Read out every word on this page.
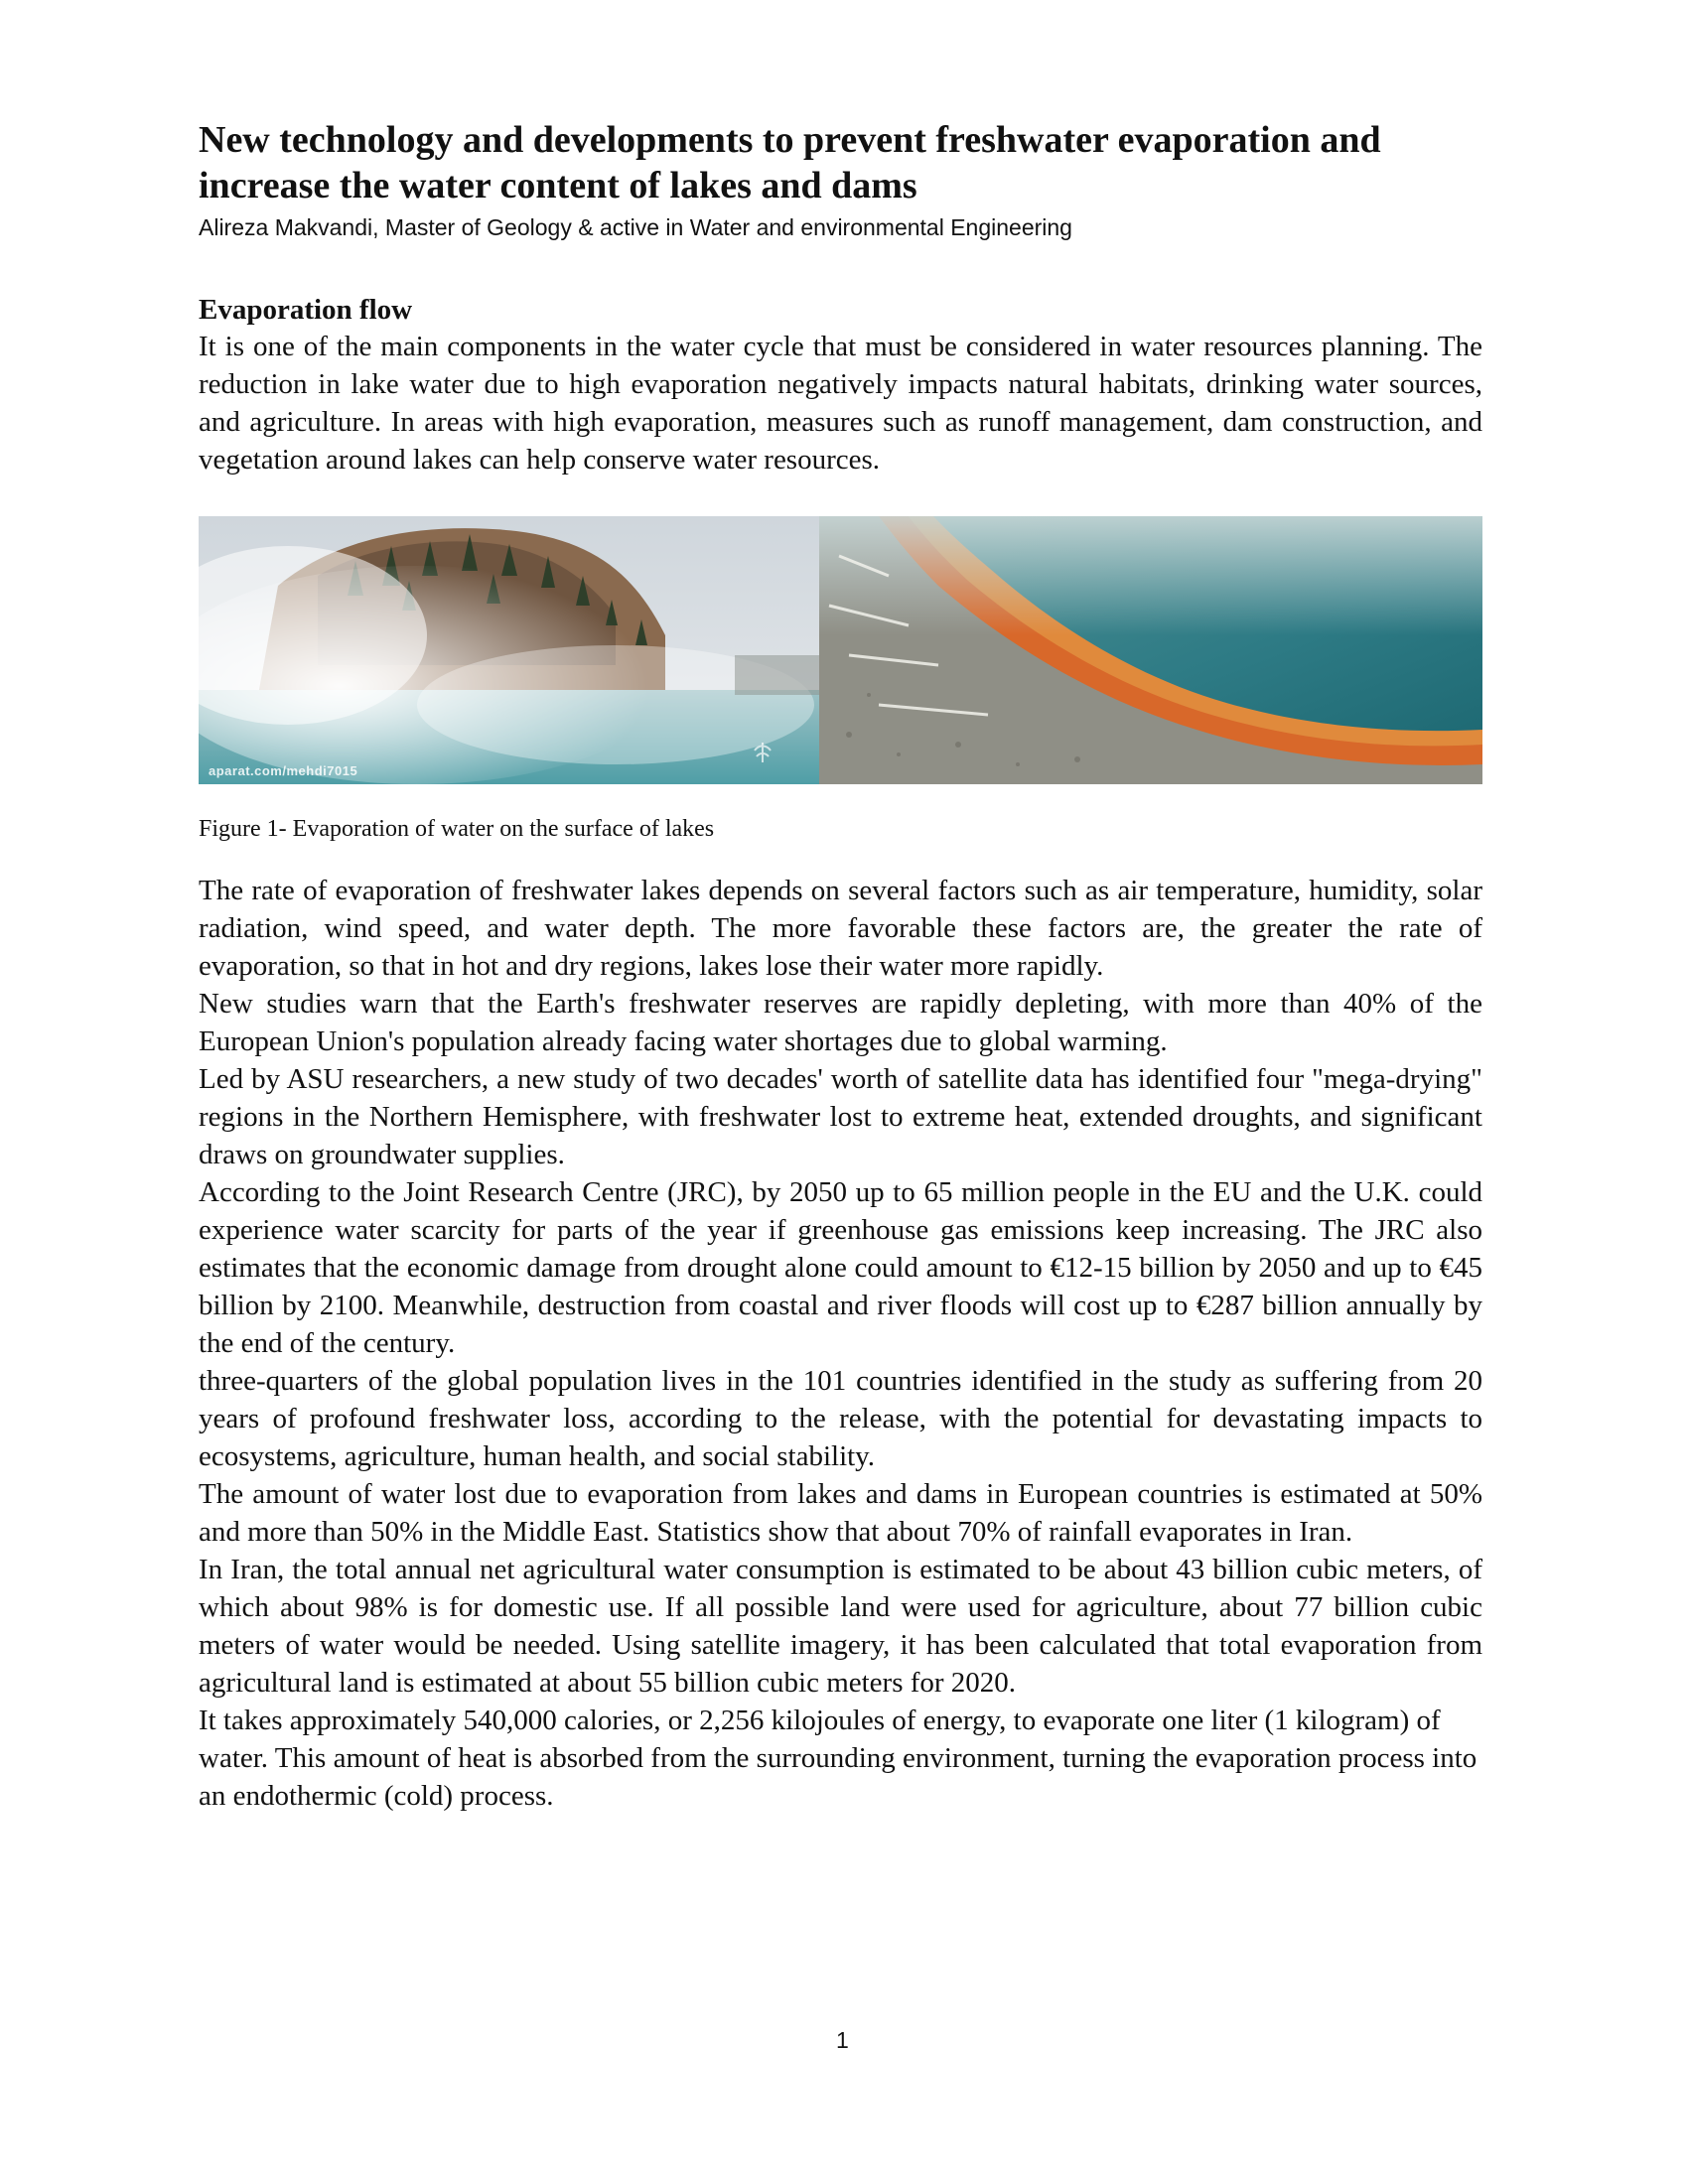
New technology and developments to prevent freshwater evaporation and increase the water content of lakes and dams
Alireza Makvandi, Master of Geology & active in Water and environmental Engineering
Evaporation flow

It is one of the main components in the water cycle that must be considered in water resources planning. The reduction in lake water due to high evaporation negatively impacts natural habitats, drinking water sources, and agriculture. In areas with high evaporation, measures such as runoff management, dam construction, and vegetation around lakes can help conserve water resources.

aparat.com/mehdi7015
Figure 1- Evaporation of water on the surface of lakes

The rate of evaporation of freshwater lakes depends on several factors such as air temperature, humidity, solar radiation, wind speed, and water depth. The more favorable these factors are, the greater the rate of evaporation, so that in hot and dry regions, lakes lose their water more rapidly.

New studies warn that the Earth's freshwater reserves are rapidly depleting, with more than 40% of the European Union's population already facing water shortages due to global warming.

Led by ASU researchers, a new study of two decades' worth of satellite data has identified four "mega-drying" regions in the Northern Hemisphere, with freshwater lost to extreme heat, extended droughts, and significant draws on groundwater supplies.

According to the Joint Research Centre (JRC), by 2050 up to 65 million people in the EU and the U.K. could experience water scarcity for parts of the year if greenhouse gas emissions keep increasing. The JRC also estimates that the economic damage from drought alone could amount to €12-15 billion by 2050 and up to €45 billion by 2100. Meanwhile, destruction from coastal and river floods will cost up to €287 billion annually by the end of the century.

three-quarters of the global population lives in the 101 countries identified in the study as suffering from 20 years of profound freshwater loss, according to the release, with the potential for devastating impacts to ecosystems, agriculture, human health, and social stability.

The amount of water lost due to evaporation from lakes and dams in European countries is estimated at 50% and more than 50% in the Middle East. Statistics show that about 70% of rainfall evaporates in Iran.

In Iran, the total annual net agricultural water consumption is estimated to be about 43 billion cubic meters, of which about 98% is for domestic use. If all possible land were used for agriculture, about 77 billion cubic meters of water would be needed. Using satellite imagery, it has been calculated that total evaporation from agricultural land is estimated at about 55 billion cubic meters for 2020.

It takes approximately 540,000 calories, or 2,256 kilojoules of energy, to evaporate one liter (1 kilogram) of water. This amount of heat is absorbed from the surrounding environment, turning the evaporation process into an endothermic (cold) process.

1
